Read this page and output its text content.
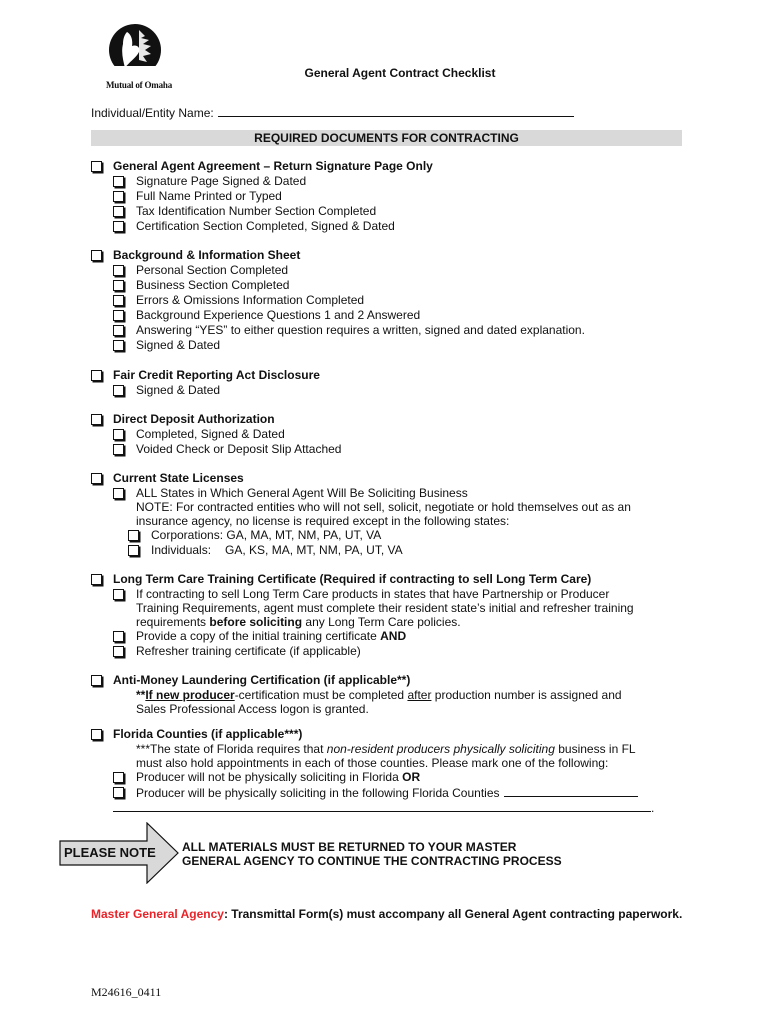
Mutual of Omaha
General Agent Contract Checklist
Individual/Entity Name:
REQUIRED DOCUMENTS FOR CONTRACTING
General Agent Agreement – Return Signature Page Only
Signature Page Signed & Dated
Full Name Printed or Typed
Tax Identification Number Section Completed
Certification Section Completed, Signed & Dated
Background & Information Sheet
Personal Section Completed
Business Section Completed
Errors & Omissions Information Completed
Background Experience Questions 1 and 2 Answered
Answering “YES” to either question requires a written, signed and dated explanation.
Signed & Dated
Fair Credit Reporting Act Disclosure
Signed & Dated
Direct Deposit Authorization
Completed, Signed & Dated
Voided Check or Deposit Slip Attached
Current State Licenses
ALL States in Which General Agent Will Be Soliciting Business
NOTE: For contracted entities who will not sell, solicit, negotiate or hold themselves out as an
insurance agency, no license is required except in the following states:
Corporations: GA, MA, MT, NM, PA, UT, VA
Individuals: GA, KS, MA, MT, NM, PA, UT, VA
Long Term Care Training Certificate (Required if contracting to sell Long Term Care)
If contracting to sell Long Term Care products in states that have Partnership or Producer
Training Requirements, agent must complete their resident state’s initial and refresher training
requirements before soliciting any Long Term Care policies.
Provide a copy of the initial training certificate AND
Refresher training certificate (if applicable)
Anti-Money Laundering Certification (if applicable**)
**If new producer-certification must be completed after production number is assigned and
Sales Professional Access logon is granted.
Florida Counties (if applicable***)
***The state of Florida requires that non-resident producers physically soliciting business in FL
must also hold appointments in each of those counties. Please mark one of the following:
Producer will not be physically soliciting in Florida OR
Producer will be physically soliciting in the following Florida Counties
.
PLEASE NOTE	ALL MATERIALS MUST BE RETURNED TO YOUR MASTER
GENERAL AGENCY TO CONTINUE THE CONTRACTING PROCESS
Master General Agency: Transmittal Form(s) must accompany all General Agent contracting paperwork.
M24616_0411
